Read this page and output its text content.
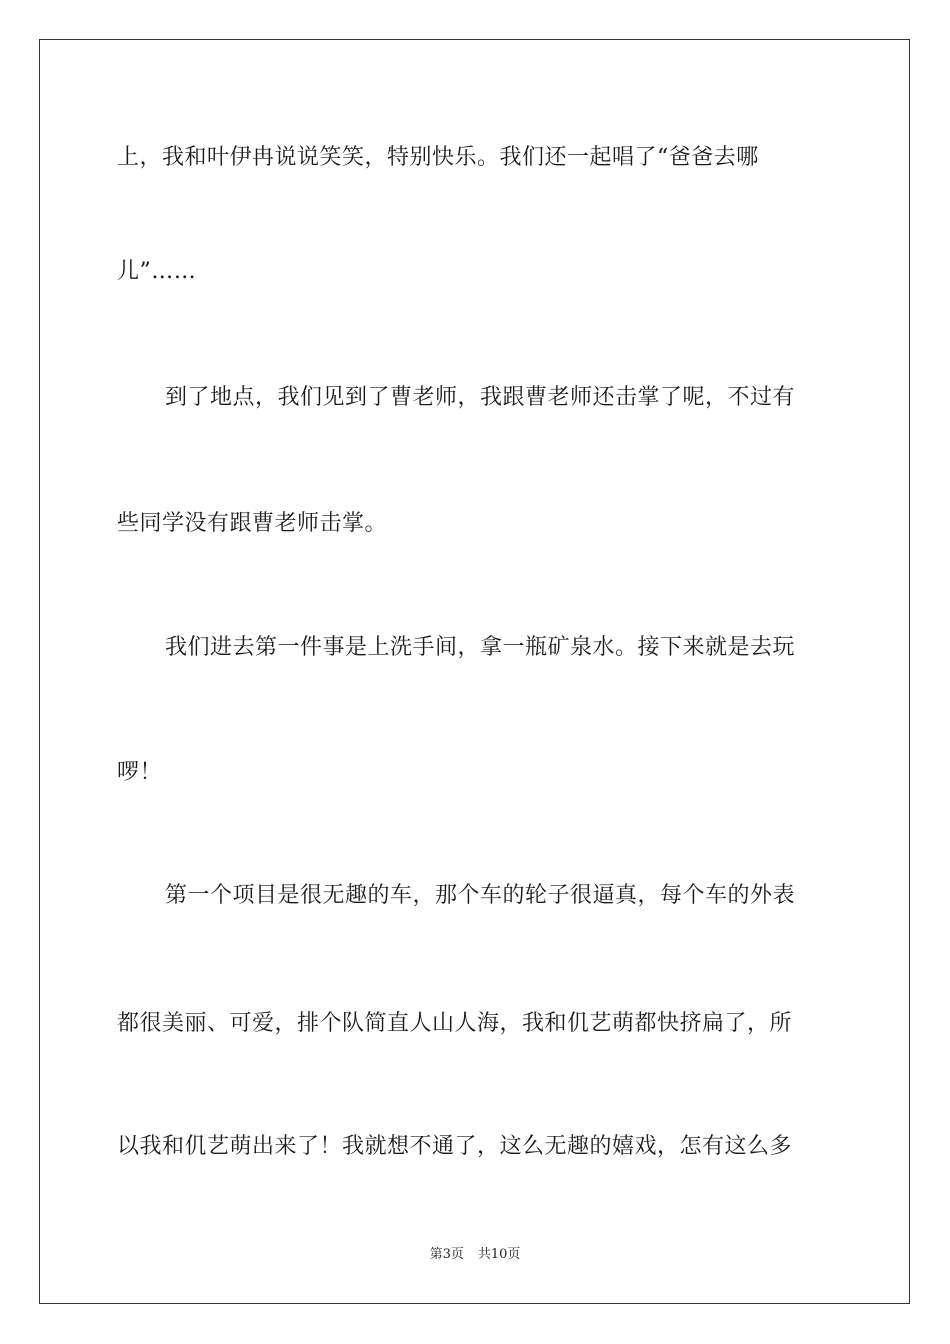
上，我和叶伊冉说说笑笑，特别快乐。我们还一起唱了“爸爸去哪
儿”……
到了地点，我们见到了曹老师，我跟曹老师还击掌了呢，不过有
些同学没有跟曹老师击掌。
我们进去第一件事是上洗手间，拿一瓶矿泉水。接下来就是去玩
啰！
第一个项目是很无趣的车，那个车的轮子很逼真，每个车的外表
都很美丽、可爱，排个队简直人山人海，我和仉艺萌都快挤扁了，所
以我和仉艺萌出来了！我就想不通了，这么无趣的嬉戏，怎有这么多
第3页 共10页
